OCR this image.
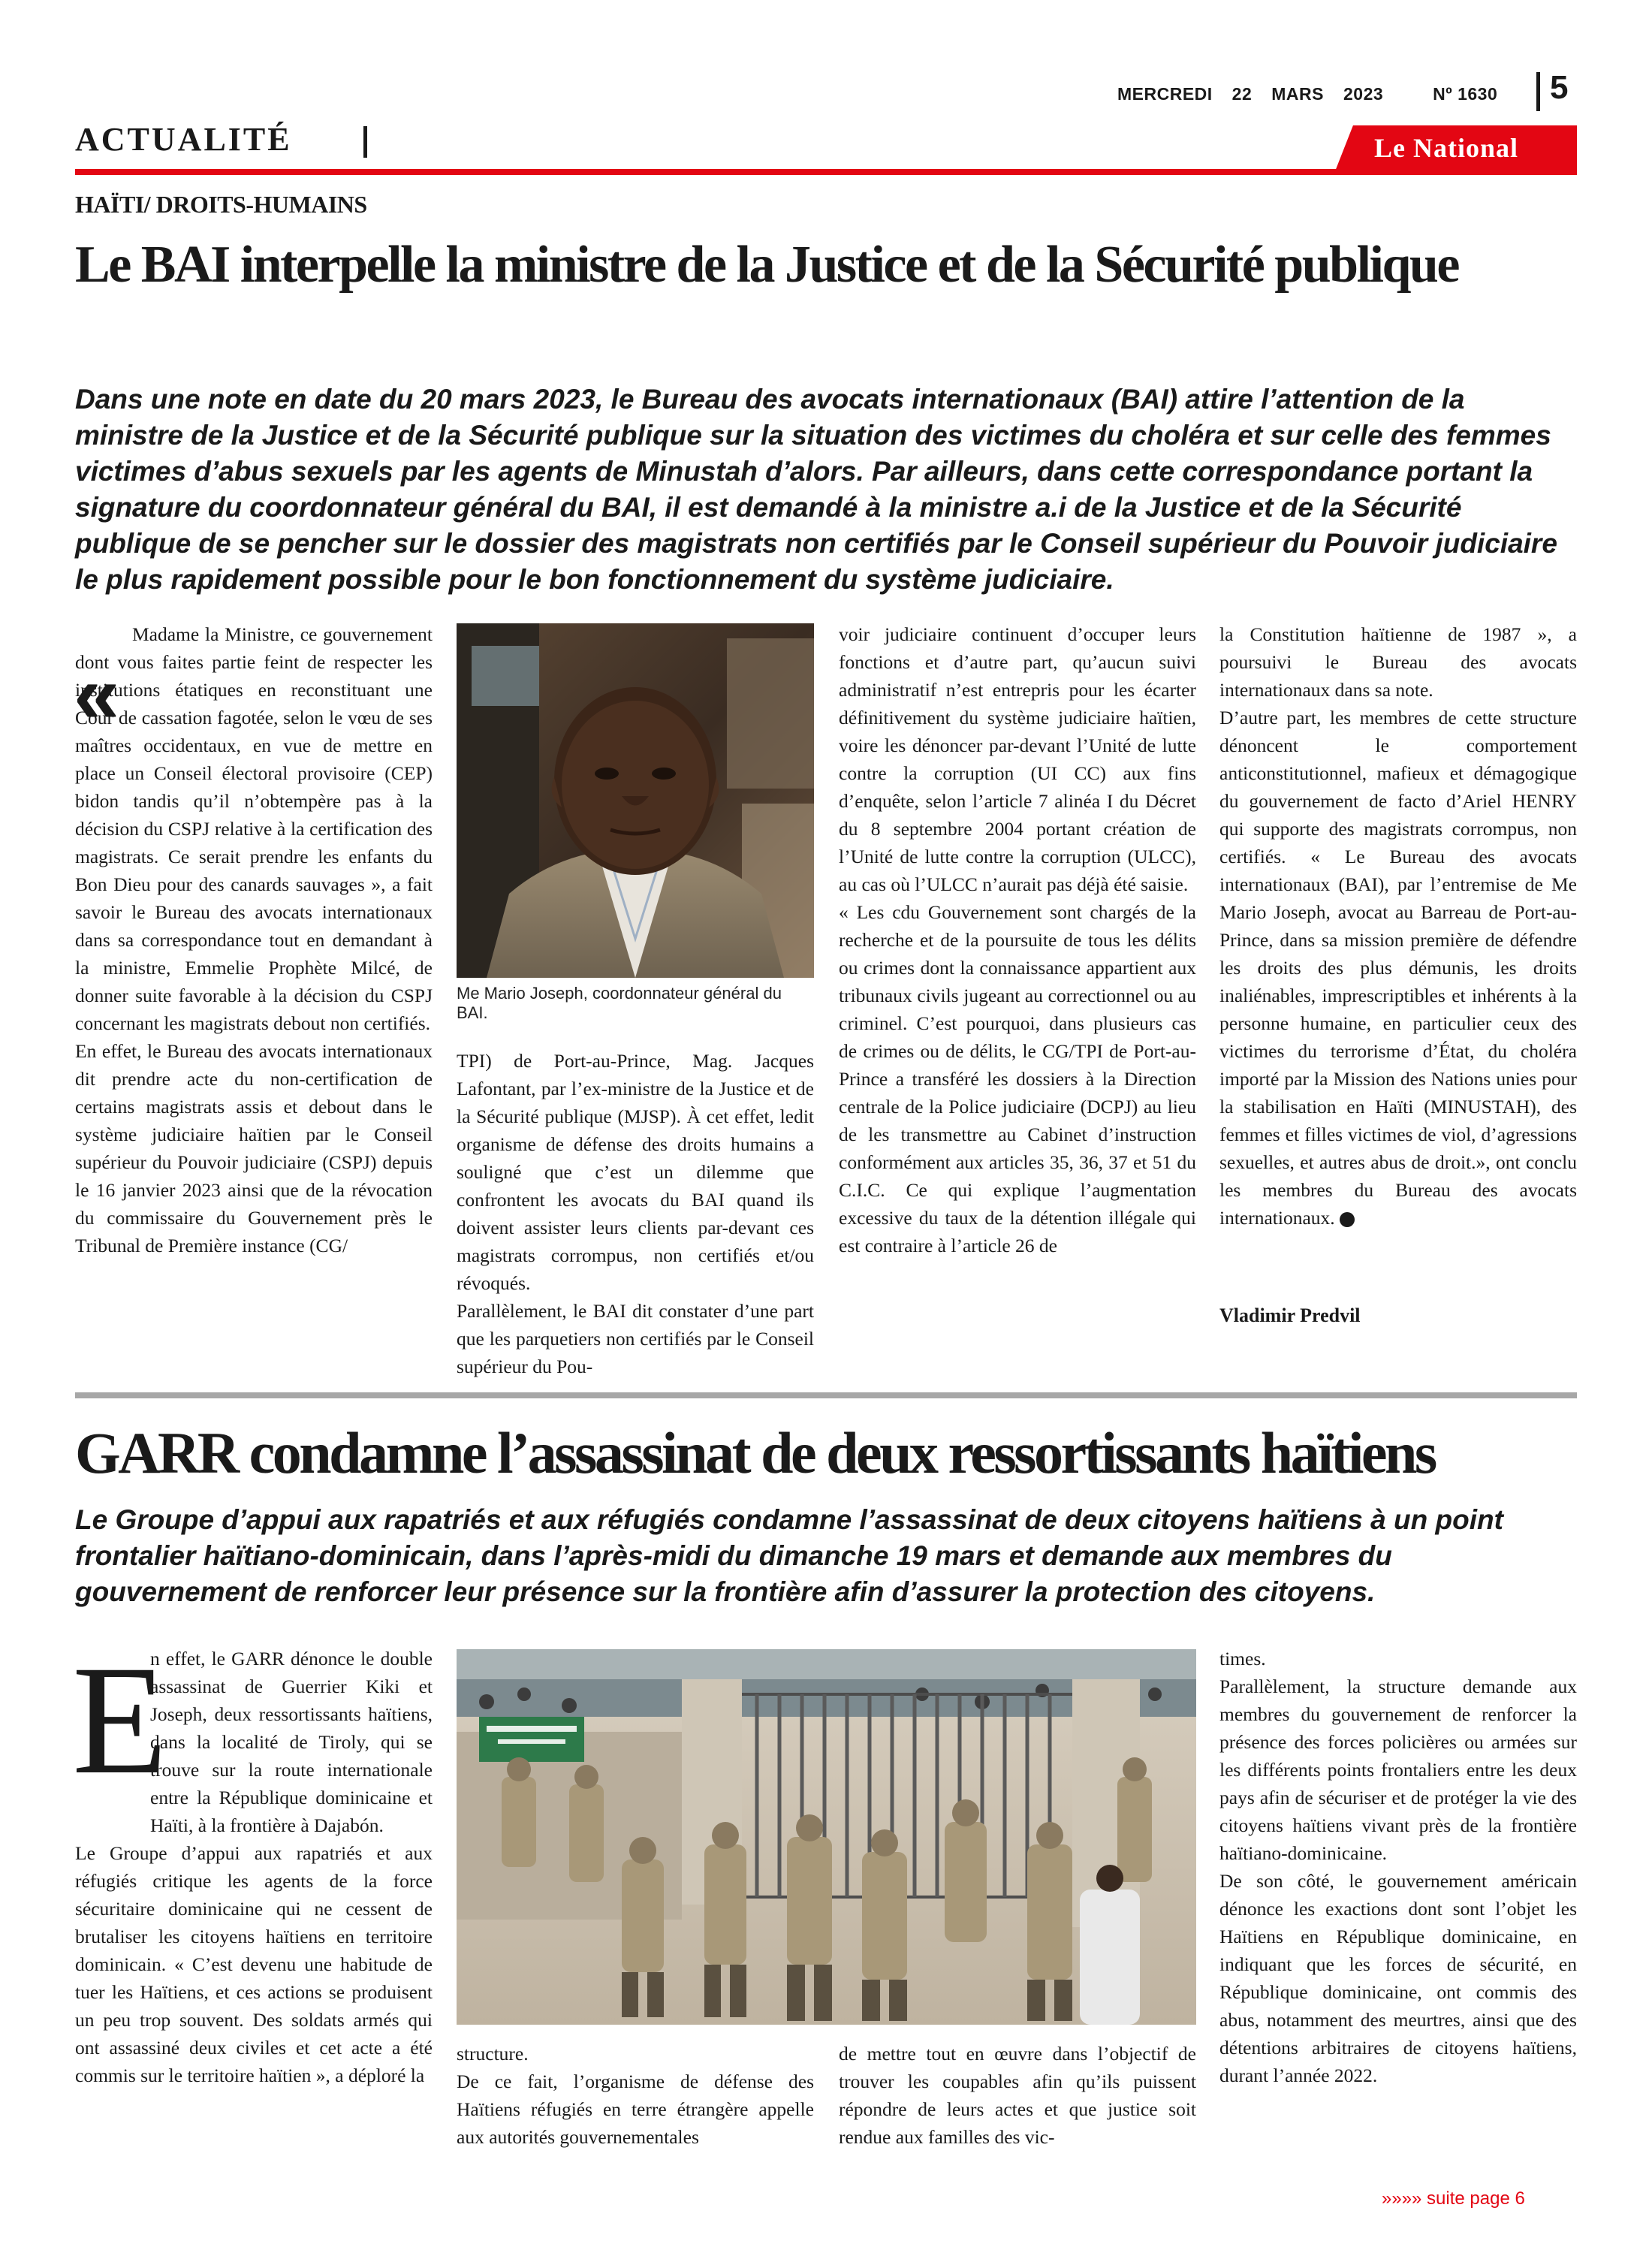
MERCREDI 22 MARS 2023	Nº 1630	5
ACTUALITÉ	Le National
HAÏTI/ DROITS-HUMAINS
Le BAI interpelle la ministre de la Justice et de la Sécurité publique
Dans une note en date du 20 mars 2023, le Bureau des avocats internationaux (BAI) attire l’attention de la ministre de la Justice et de la Sécurité publique sur la situation des victimes du choléra et sur celle des femmes victimes d’abus sexuels par les agents de Minustah d’alors. Par ailleurs, dans cette correspondance portant la signature du coordonnateur général du BAI, il est demandé à la ministre a.i de la Justice et de la Sécurité publique de se pencher sur le dossier des magistrats non certifiés par le Conseil supérieur du Pouvoir judiciaire le plus rapidement possible pour le bon fonctionnement du système judiciaire.
«

Madame la Ministre, ce gouvernement dont vous faites partie feint de respecter les institutions étatiques en reconstituant une Cour de cassation fagotée, selon le vœu de ses maîtres occidentaux, en vue de mettre en place un Conseil électoral provisoire (CEP) bidon tandis qu’il n’obtempère pas à la décision du CSPJ relative à la certification des magistrats. Ce serait prendre les enfants du Bon Dieu pour des canards sauvages », a fait savoir le Bureau des avocats internationaux dans sa correspondance tout en demandant à la ministre, Emmelie Prophète Milcé, de donner suite favorable à la décision du CSPJ concernant les magistrats debout non certifiés.

En effet, le Bureau des avocats internationaux dit prendre acte du non-certification de certains magistrats assis et debout dans le système judiciaire haïtien par le Conseil supérieur du Pouvoir judiciaire (CSPJ) depuis le 16 janvier 2023 ainsi que de la révocation du commissaire du Gouvernement près le Tribunal de Première instance (CG/

Me Mario Joseph, coordonnateur général du BAI.

TPI) de Port-au-Prince, Mag. Jacques Lafontant, par l’ex-ministre de la Justice et de la Sécurité publique (MJSP). À cet effet, ledit organisme de défense des droits humains a souligné que c’est un dilemme que confrontent les avocats du BAI quand ils doivent assister leurs clients par-devant ces magistrats corrompus, non certifiés et/ou révoqués.

Parallèlement, le BAI dit constater d’une part que les parquetiers non certifiés par le Conseil supérieur du Pou-

voir judiciaire continuent d’occuper leurs fonctions et d’autre part, qu’aucun suivi administratif n’est entrepris pour les écarter définitivement du système judiciaire haïtien, voire les dénoncer par-devant l’Unité de lutte contre la corruption (UI CC) aux fins d’enquête, selon l’article 7 alinéa I du Décret du 8 septembre 2004 portant création de l’Unité de lutte contre la corruption (ULCC), au cas où l’ULCC n’aurait pas déjà été saisie.

« Les cdu Gouvernement sont chargés de la recherche et de la poursuite de tous les délits ou crimes dont la connaissance appartient aux tribunaux civils jugeant au correctionnel ou au criminel. C’est pourquoi, dans plusieurs cas de crimes ou de délits, le CG/TPI de Port-au-Prince a transféré les dossiers à la Direction centrale de la Police judiciaire (DCPJ) au lieu de les transmettre au Cabinet d’instruction conformément aux articles 35, 36, 37 et 51 du C.I.C. Ce qui explique l’augmentation excessive du taux de la détention illégale qui est contraire à l’article 26 de

la Constitution haïtienne de 1987 », a poursuivi le Bureau des avocats internationaux dans sa note.

D’autre part, les membres de cette structure dénoncent le comportement anticonstitutionnel, mafieux et démagogique du gouvernement de facto d’Ariel HENRY qui supporte des magistrats corrompus, non certifiés. « Le Bureau des avocats internationaux (BAI), par l’entremise de Me Mario Joseph, avocat au Barreau de Port-au-Prince, dans sa mission première de défendre les droits des plus démunis, les droits inaliénables, imprescriptibles et inhérents à la personne humaine, en particulier ceux des victimes du terrorisme d’État, du choléra importé par la Mission des Nations unies pour la stabilisation en Haïti (MINUSTAH), des femmes et filles victimes de viol, d’agressions sexuelles, et autres abus de droit.», ont conclu les membres du Bureau des avocats internationaux.

Vladimir Predvil
GARR condamne l’assassinat de deux ressortissants haïtiens
Le Groupe d’appui aux rapatriés et aux réfugiés condamne l’assassinat de deux citoyens haïtiens à un point frontalier haïtiano-dominicain, dans l’après-midi du dimanche 19 mars et demande aux membres du gouvernement de renforcer leur présence sur la frontière afin d’assurer la protection des citoyens.
E
n effet, le GARR dénonce le double assassinat de Guerrier Kiki et Joseph, deux ressortissants haïtiens, dans la localité de Tiroly, qui se trouve sur la route internationale entre la République dominicaine et Haïti, à la frontière à Dajabón.

Le Groupe d’appui aux rapatriés et aux réfugiés critique les agents de la force sécuritaire dominicaine qui ne cessent de brutaliser les citoyens haïtiens en territoire dominicain. « C’est devenu une habitude de tuer les Haïtiens, et ces actions se produisent un peu trop souvent. Des soldats armés qui ont assassiné deux civiles et cet acte a été commis sur le territoire haïtien », a déploré la

structure.

De ce fait, l’organisme de défense des Haïtiens réfugiés en terre étrangère appelle aux autorités gouvernementales

de mettre tout en œuvre dans l’objectif de trouver les coupables afin qu’ils puissent répondre de leurs actes et que justice soit rendue aux familles des vic-

times.

Parallèlement, la structure demande aux membres du gouvernement de renforcer la présence des forces policières ou armées sur les différents points frontaliers entre les deux pays afin de sécuriser et de protéger la vie des citoyens haïtiens vivant près de la frontière haïtiano-dominicaine.

De son côté, le gouvernement américain dénonce les exactions dont sont l’objet les Haïtiens en République dominicaine, en indiquant que les forces de sécurité, en République dominicaine, ont commis des abus, notamment des meurtres, ainsi que des détentions arbitraires de citoyens haïtiens, durant l’année 2022.

»»»» suite page 6
